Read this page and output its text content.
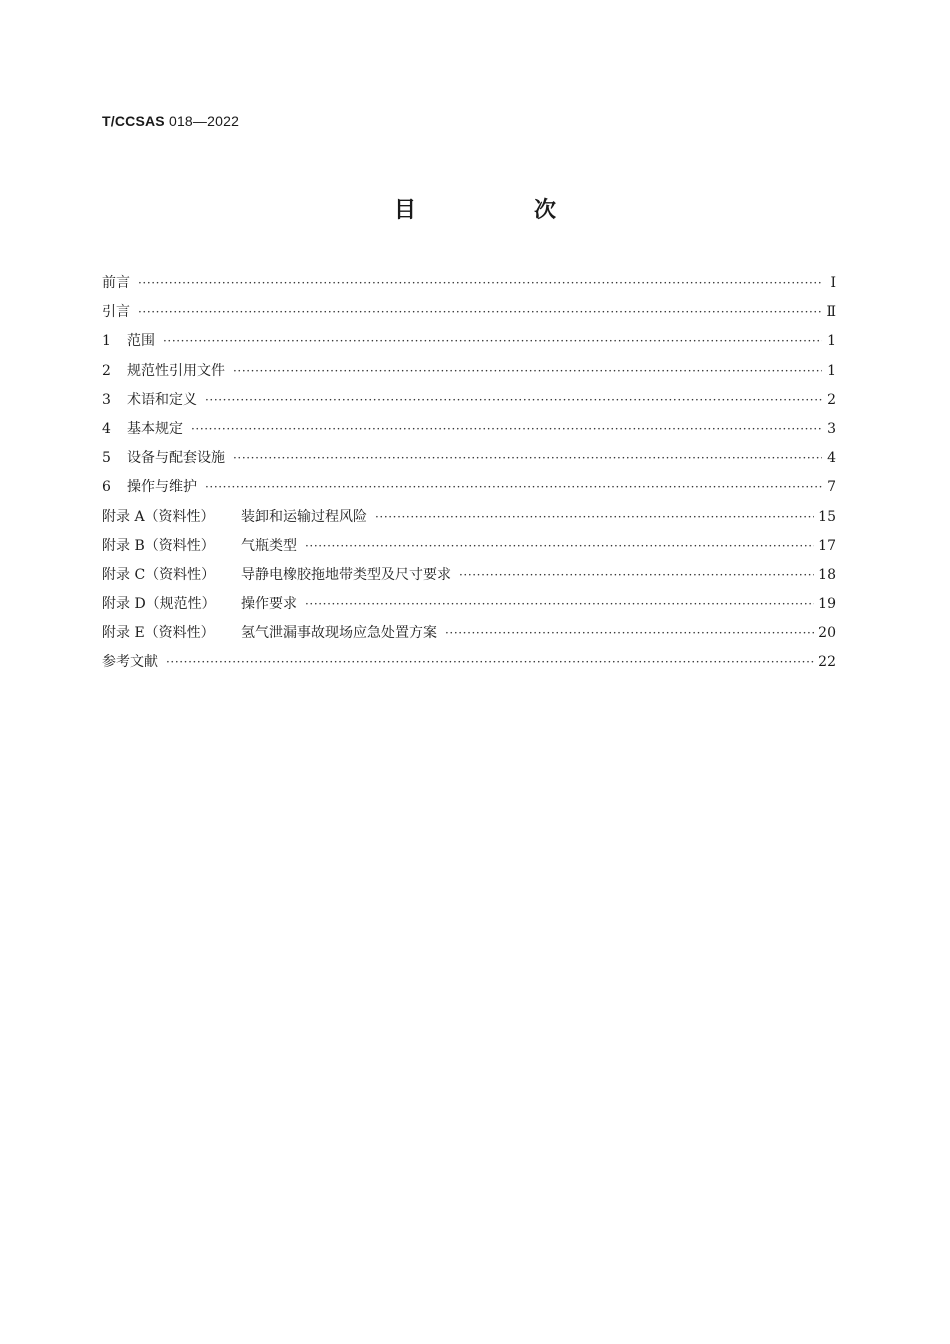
T/CCSAS 018—2022
目　次
前言 ·····	Ⅰ
引言 ·····	Ⅱ
1	范围 ·····	1
2	规范性引用文件 ·····	1
3	术语和定义 ·····	2
4	基本规定 ·····	3
5	设备与配套设施 ·····	4
6	操作与维护 ·····	7
附录 A（资料性）	装卸和运输过程风险 ·····	15
附录 B（资料性）	气瓶类型 ·····	17
附录 C（资料性）	导静电橡胶拖地带类型及尺寸要求 ·····	18
附录 D（规范性）	操作要求 ·····	19
附录 E（资料性）	氢气泄漏事故现场应急处置方案 ·····	20
参考文献 ·····	22
